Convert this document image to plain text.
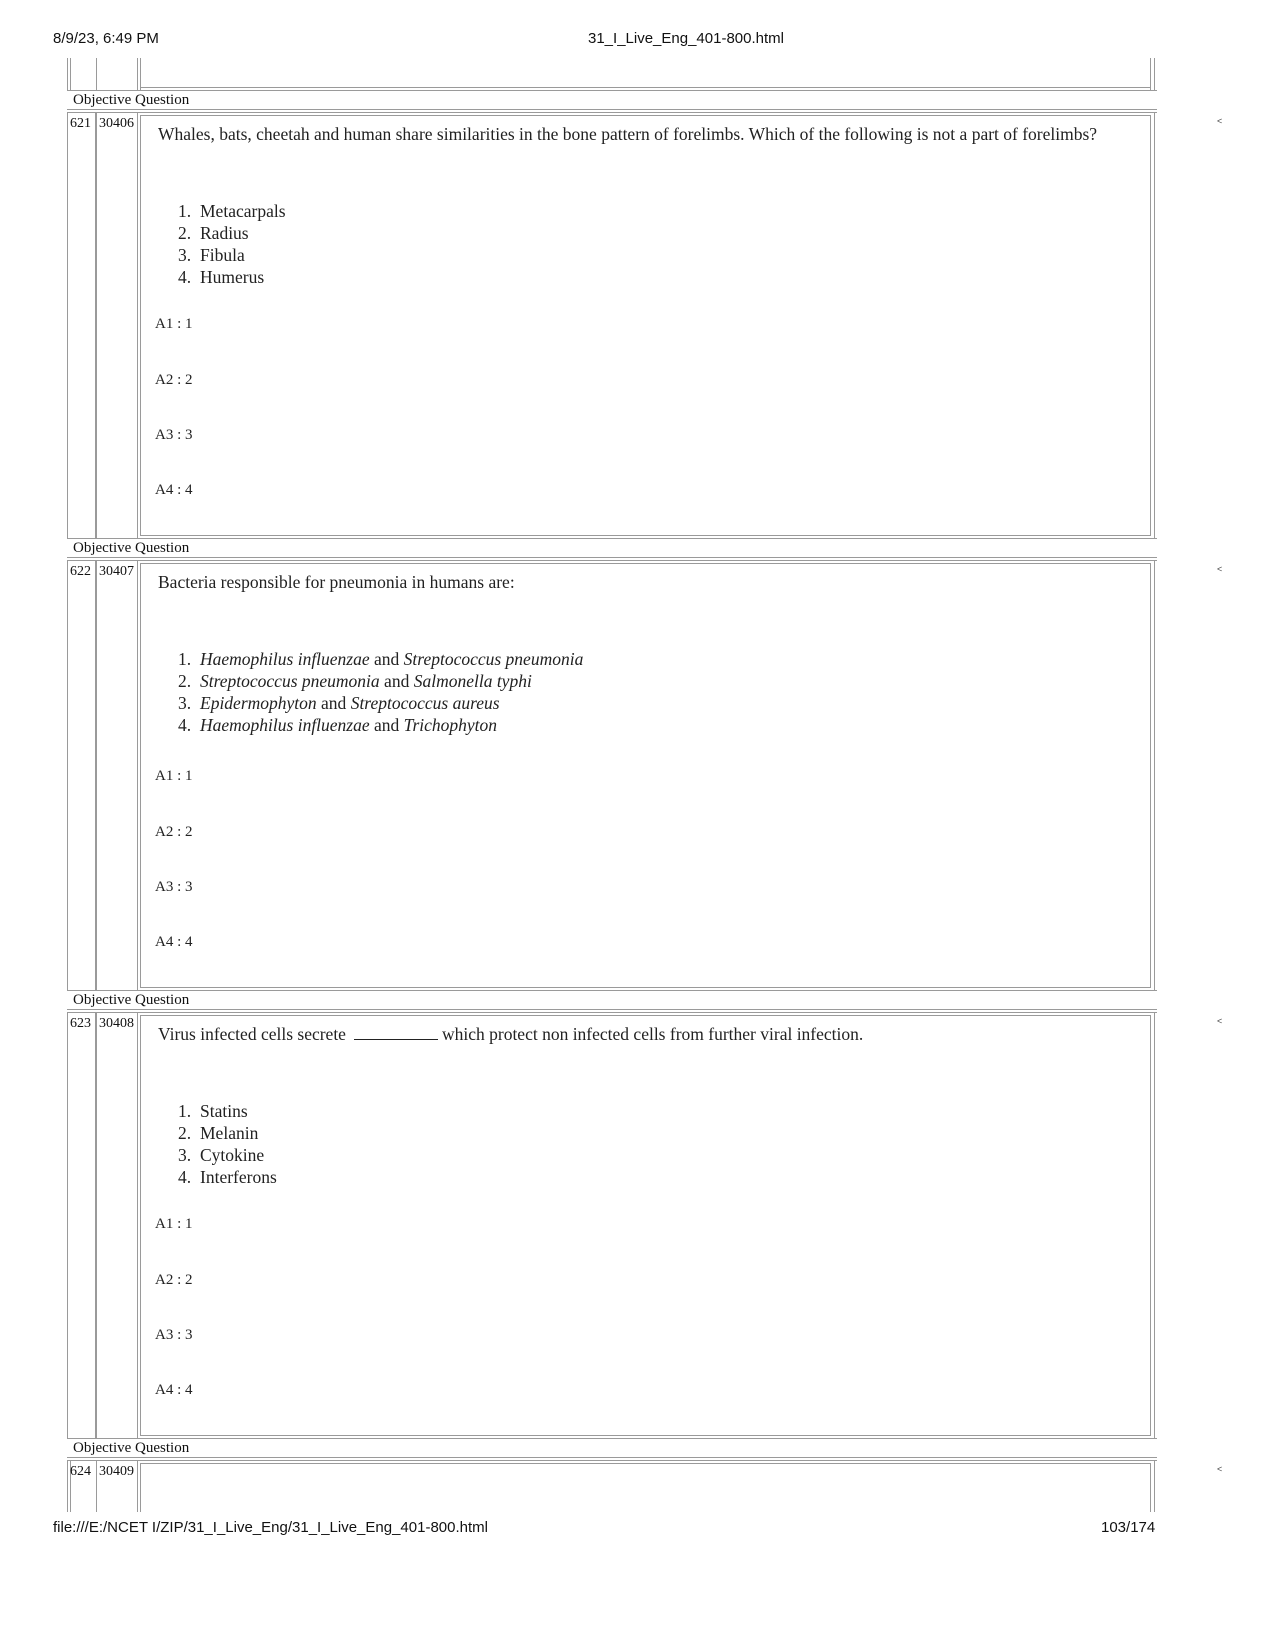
8/9/23, 6:49 PM	31_I_Live_Eng_401-800.html
Objective Question
˂
621 30406
Whales, bats, cheetah and human share similarities in the bone pattern of forelimbs. Which of the following is not a part of forelimbs?
1. Metacarpals
2. Radius
3. Fibula
4. Humerus
A1 : 1
A2 : 2
A3 : 3
A4 : 4
Objective Question
˂
622 30407
Bacteria responsible for pneumonia in humans are:
1. Haemophilus influenzae and Streptococcus pneumonia
2. Streptococcus pneumonia and Salmonella typhi
3. Epidermophyton and Streptococcus aureus
4. Haemophilus influenzae and Trichophyton
A1 : 1
A2 : 2
A3 : 3
A4 : 4
Objective Question
˂
623 30408
Virus infected cells secrete	which protect non infected cells from further viral infection.
1. Statins
2. Melanin
3. Cytokine
4. Interferons
A1 : 1
A2 : 2
A3 : 3
A4 : 4
Objective Question
˂
624 30409
file:///E:/NCET I/ZIP/31_I_Live_Eng/31_I_Live_Eng_401-800.html	103/174
